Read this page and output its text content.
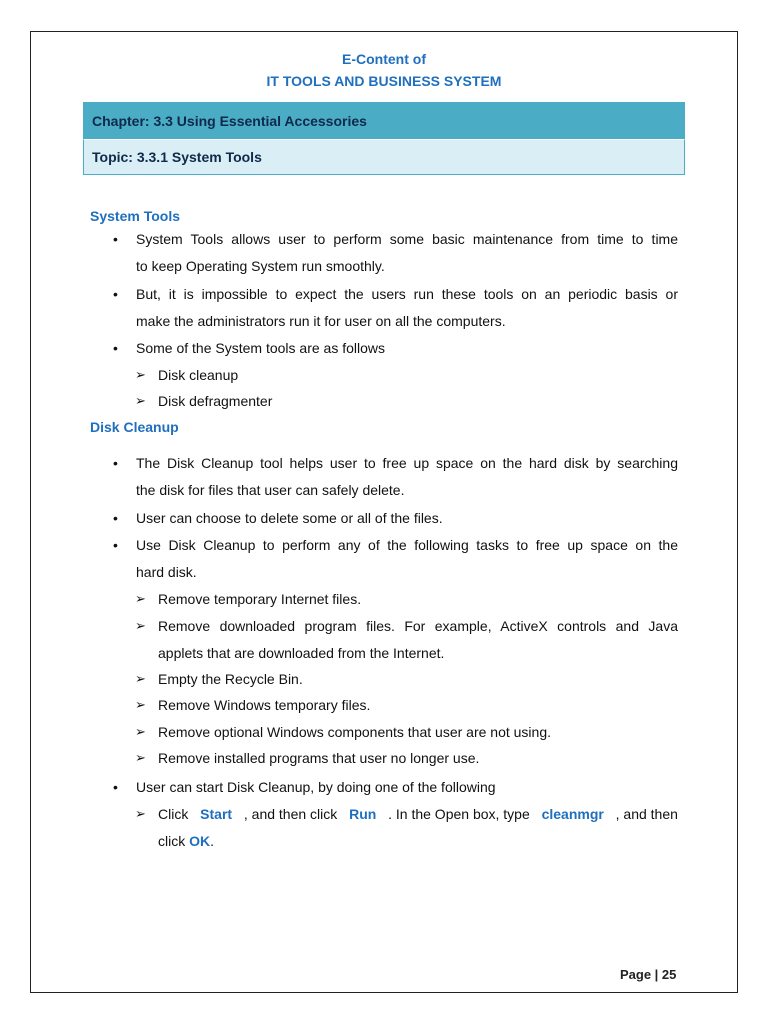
E-Content of
IT TOOLS AND BUSINESS SYSTEM
Chapter: 3.3 Using Essential Accessories
Topic: 3.3.1 System Tools
System Tools
• System Tools allows user to perform some basic maintenance from time to time
to keep Operating System run smoothly.
• But, it is impossible to expect the users run these tools on an periodic basis or
make the administrators run it for user on all the computers.
• Some of the System tools are as follows
➢ Disk cleanup
➢ Disk defragmenter
Disk Cleanup
• The Disk Cleanup tool helps user to free up space on the hard disk by searching
the disk for files that user can safely delete.
• User can choose to delete some or all of the files.
• Use Disk Cleanup to perform any of the following tasks to free up space on the
hard disk.
➢ Remove temporary Internet files.
➢ Remove downloaded program files. For example, ActiveX controls and Java
applets that are downloaded from the Internet.
➢ Empty the Recycle Bin.
➢ Remove Windows temporary files.
➢ Remove optional Windows components that user are not using.
➢ Remove installed programs that user no longer use.
• User can start Disk Cleanup, by doing one of the following
➢ Click Start , and then click Run . In the Open box, type cleanmgr , and then
click OK.
Page | 25
